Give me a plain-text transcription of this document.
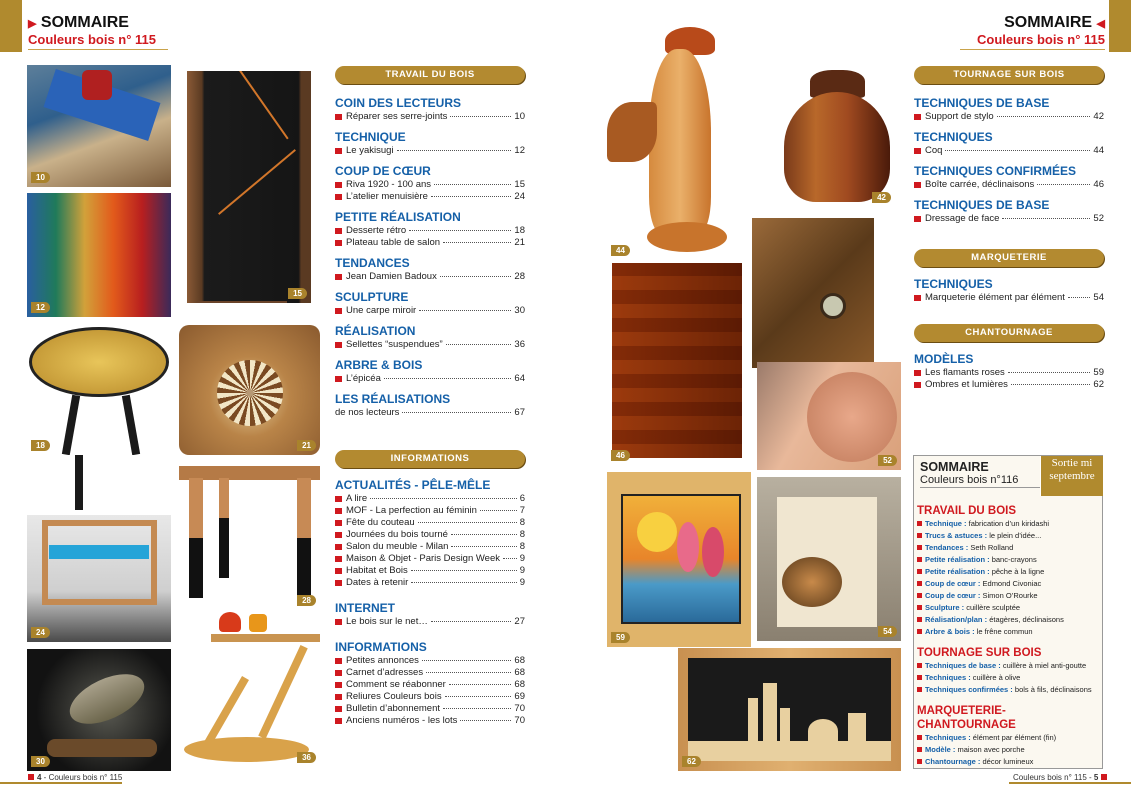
▶ SOMMAIRE
Couleurs bois n° 115
SOMMAIRE ◀
Couleurs bois n° 115
10
12
15
18	21
24
28
30	36
TRAVAIL DU BOIS
COIN DES LECTEURS
Réparer ses serre-joints	10
TECHNIQUE
Le yakisugi	12
COUP DE CŒUR
Riva 1920 - 100 ans	15
L’atelier menuisière	24
PETITE RÉALISATION
Desserte rétro	18
Plateau table de salon	21
TENDANCES
Jean Damien Badoux	28
SCULPTURE
Une carpe miroir	30
RÉALISATION
Sellettes “suspendues”	36
ARBRE & BOIS
L’épicéa	64
LES RÉALISATIONS
de nos lecteurs	67
INFORMATIONS
ACTUALITÉS - PÊLE-MÊLE
A lire	6
MOF - La perfection au féminin	7
Fête du couteau	8
Journées du bois tourné	8
Salon du meuble - Milan	8
Maison & Objet - Paris Design Week 9
Habitat et Bois	9
Dates à retenir	9
INTERNET
Le bois sur le net…	27
INFORMATIONS
Petites annonces	68
Carnet d’adresses	68
Comment se réabonner	68
Reliures Couleurs bois	69
Bulletin d’abonnement	70
Anciens numéros - les lots	70
44
42
46
52
59
54
62
TOURNAGE SUR BOIS
TECHNIQUES DE BASE
Support de stylo	42
TECHNIQUES
Coq	44
TECHNIQUES CONFIRMÉES
Boîte carrée, déclinaisons	46
TECHNIQUES DE BASE
Dressage de face	52
MARQUETERIE
TECHNIQUES
Marqueterie élément par élément	54
CHANTOURNAGE
MODÈLES
Les flamants roses	59
Ombres et lumières	62
SOMMAIRE
Couleurs bois n°116
Sortie mi septembre
TRAVAIL DU BOIS
Technique : fabrication d’un kiridashi
Trucs & astuces : le plein d’idée...
Tendances : Seth Rolland
Petite réalisation : banc-crayons
Petite réalisation : pêche à la ligne
Coup de cœur : Edmond Civoniac
Coup de cœur : Simon O’Rourke
Sculpture : cuillère sculptée
Réalisation/plan : étagères, déclinaisons
Arbre & bois : le frêne commun
TOURNAGE SUR BOIS
Techniques de base : cuillère à miel anti-goutte
Techniques : cuillère à olive
Techniques confirmées : bols à fils, déclinaisons
MARQUETERIE-CHANTOURNAGE
Techniques : élément par élément (fin)
Modèle : maison avec porche
Chantournage : décor lumineux
4 - Couleurs bois n° 115	Couleurs bois n° 115 - 5
